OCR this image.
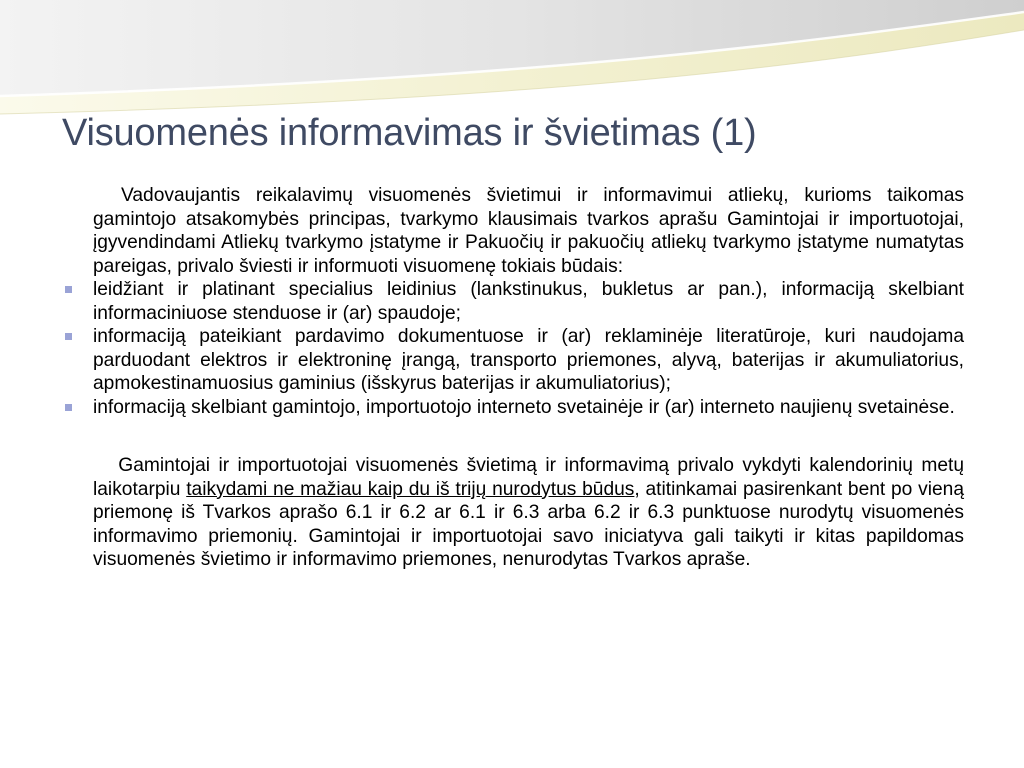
Visuomenės informavimas ir švietimas (1)

Vadovaujantis reikalavimų visuomenės švietimui ir informavimui atliekų, kurioms taikomas gamintojo atsakomybės principas, tvarkymo klausimais tvarkos aprašu Gamintojai ir importuotojai, įgyvendindami Atliekų tvarkymo įstatyme ir Pakuočių ir pakuočių atliekų tvarkymo įstatyme numatytas pareigas, privalo šviesti ir informuoti visuomenę tokiais būdais:

leidžiant ir platinant specialius leidinius (lankstinukus, bukletus ar pan.), informaciją skelbiant informaciniuose stenduose ir (ar) spaudoje;
informaciją pateikiant pardavimo dokumentuose ir (ar) reklaminėje literatūroje, kuri naudojama parduodant elektros ir elektroninę įrangą, transporto priemones, alyvą, baterijas ir akumuliatorius, apmokestinamuosius gaminius (išskyrus baterijas ir akumuliatorius);
informaciją skelbiant gamintojo, importuotojo interneto svetainėje ir (ar) interneto naujienų svetainėse.

Gamintojai ir importuotojai visuomenės švietimą ir informavimą privalo vykdyti kalendorinių metų laikotarpiu taikydami ne mažiau kaip du iš trijų nurodytus būdus, atitinkamai pasirenkant bent po vieną priemonę iš Tvarkos aprašo 6.1 ir 6.2 ar 6.1 ir 6.3 arba 6.2 ir 6.3 punktuose nurodytų visuomenės informavimo priemonių. Gamintojai ir importuotojai savo iniciatyva gali taikyti ir kitas papildomas visuomenės švietimo ir informavimo priemones, nenurodytas Tvarkos apraše.
